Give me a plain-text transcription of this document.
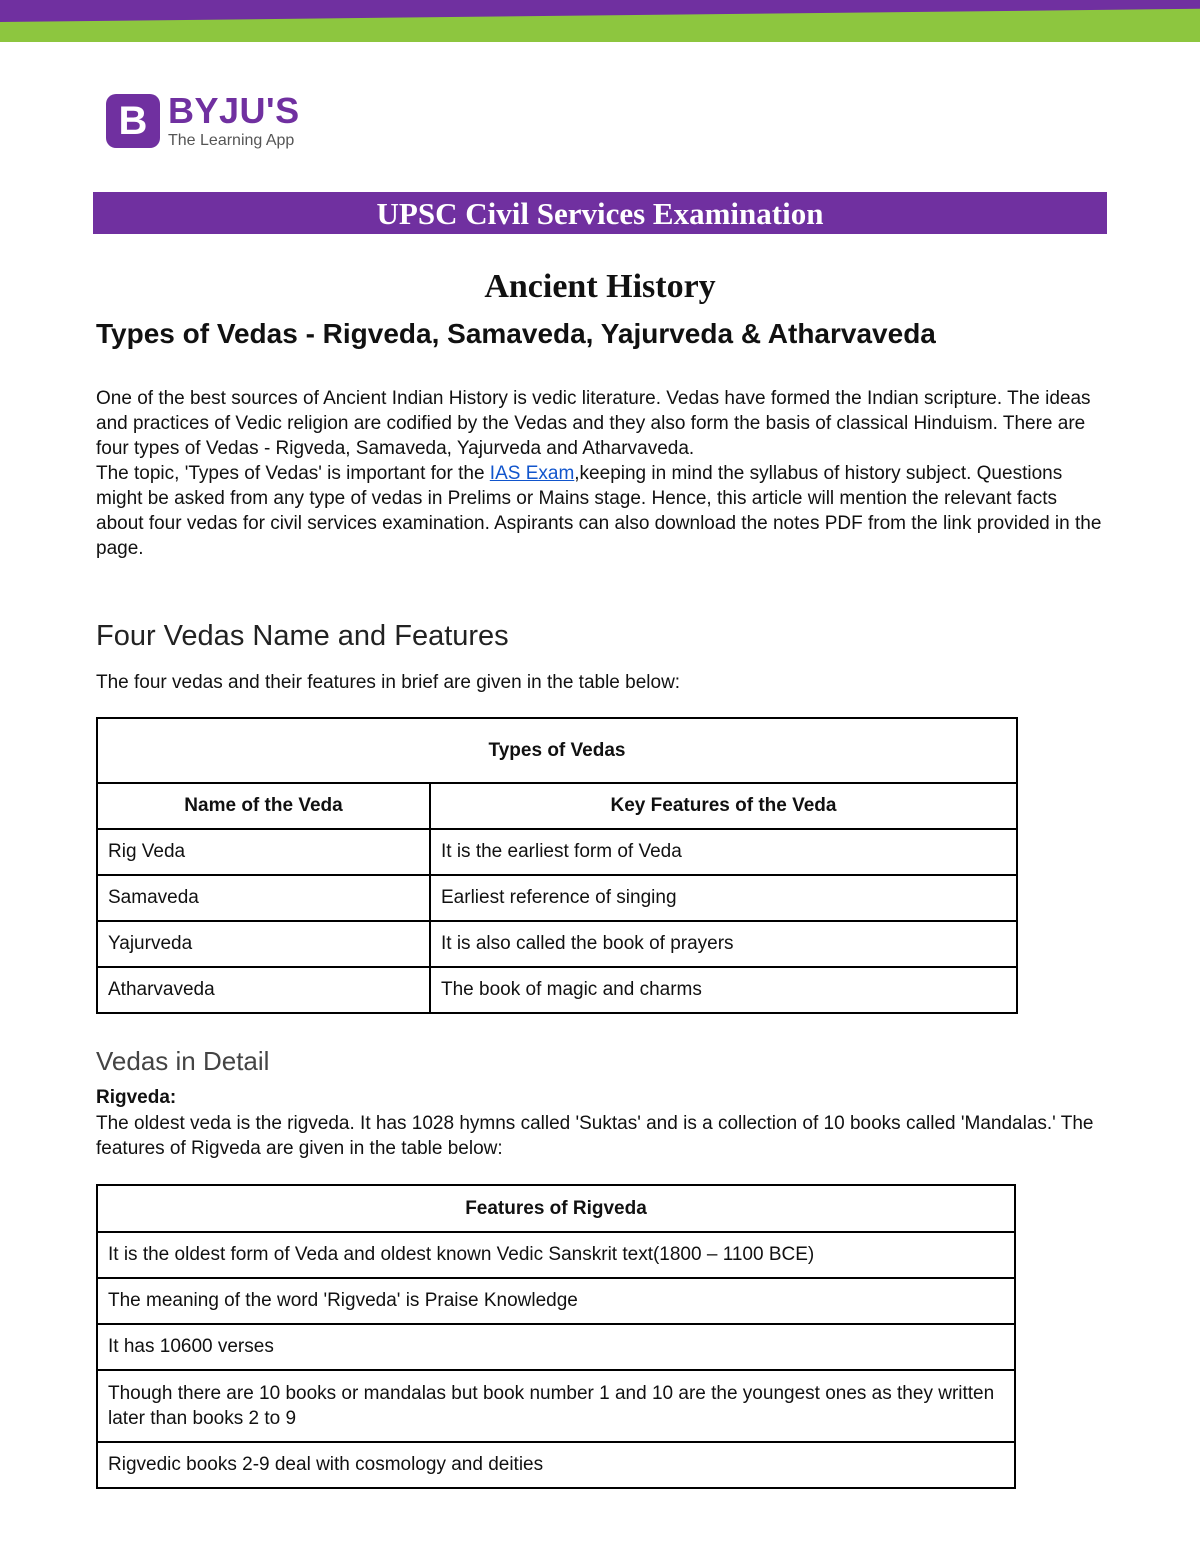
B BYJU'S
The Learning App
UPSC Civil Services Examination
Ancient History
Types of Vedas - Rigveda, Samaveda, Yajurveda & Atharvaveda

One of the best sources of Ancient Indian History is vedic literature. Vedas have formed the Indian scripture. The ideas and practices of Vedic religion are codified by the Vedas and they also form the basis of classical Hinduism. There are four types of Vedas - Rigveda, Samaveda, Yajurveda and Atharvaveda.

The topic, 'Types of Vedas' is important for the IAS Exam,keeping in mind the syllabus of history subject. Questions might be asked from any type of vedas in Prelims or Mains stage. Hence, this article will mention the relevant facts about four vedas for civil services examination. Aspirants can also download the notes PDF from the link provided in the page.

Four Vedas Name and Features
The four vedas and their features in brief are given in the table below:
Types of Vedas	
Name of the Veda	Key Features of the Veda
Rig Veda	It is the earliest form of Veda
Samaveda	Earliest reference of singing
Yajurveda	It is also called the book of prayers
Atharvaveda	The book of magic and charms
Vedas in Detail
Rigveda:
The oldest veda is the rigveda. It has 1028 hymns called 'Suktas' and is a collection of 10 books called 'Mandalas.' The features of Rigveda are given in the table below:
Features of Rigveda
It is the oldest form of Veda and oldest known Vedic Sanskrit text(1800 – 1100 BCE)
The meaning of the word 'Rigveda' is Praise Knowledge
It has 10600 verses
Though there are 10 books or mandalas but book number 1 and 10 are the youngest ones as they written later than books 2 to 9
Rigvedic books 2-9 deal with cosmology and deities
